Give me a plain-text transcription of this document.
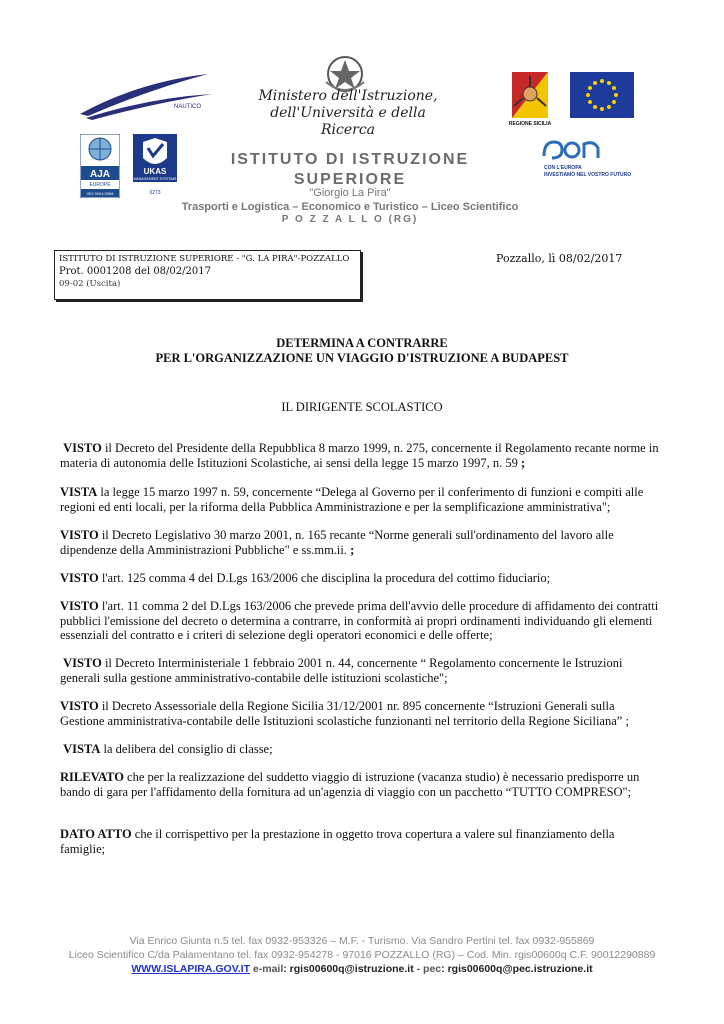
NAUTICO
Ministero dell'Istruzione,
dell'Università e della Ricerca
AJA
EUROPE
ISO 9001:2008
UKAS
MANAGEMENT SYSTEMS
0273
REGIONE SICILIA
CON L'EUROPA
INVESTIAMO NEL VOSTRO FUTURO
ISTITUTO DI ISTRUZIONE
SUPERIORE
"Giorgio La Pira"
Trasporti e Logistica – Economico e Turistico – Liceo Scientifico
P O Z Z A L L O (RG)
ISTITUTO DI ISTRUZIONE SUPERIORE - "G. LA PIRA"-POZZALLO
Prot. 0001208 del 08/02/2017
09-02 (Uscita)
Pozzallo, lì 08/02/2017
DETERMINA A CONTRARRE
PER L'ORGANIZZAZIONE UN VIAGGIO D'ISTRUZIONE A BUDAPEST
IL DIRIGENTE SCOLASTICO
VISTO il Decreto del Presidente della Repubblica 8 marzo 1999, n. 275, concernente il Regolamento recante norme in materia di autonomia delle Istituzioni Scolastiche, ai sensi della legge 15 marzo 1997, n. 59 ;
VISTA la legge 15 marzo 1997 n. 59, concernente “Delega al Governo per il conferimento di funzioni e compiti alle regioni ed enti locali, per la riforma della Pubblica Amministrazione e per la semplificazione amministrativa";
VISTO il Decreto Legislativo 30 marzo 2001, n. 165 recante “Norme generali sull'ordinamento del lavoro alle dipendenze della Amministrazioni Pubbliche" e ss.mm.ii. ;
VISTO l'art. 125 comma 4 del D.Lgs 163/2006 che disciplina la procedura del cottimo fiduciario;
VISTO l'art. 11 comma 2 del D.Lgs 163/2006 che prevede prima dell'avvio delle procedure di affidamento dei contratti pubblici l'emissione del decreto o determina a contrarre, in conformità ai propri ordinamenti individuando gli elementi essenziali del contratto e i criteri di selezione degli operatori economici e delle offerte;
VISTO il Decreto Interministeriale 1 febbraio 2001 n. 44, concernente “ Regolamento concernente le Istruzioni generali sulla gestione amministrativo-contabile delle istituzioni scolastiche";
VISTO il Decreto Assessoriale della Regione Sicilia 31/12/2001 nr. 895 concernente “Istruzioni Generali sulla Gestione amministrativa-contabile delle Istituzioni scolastiche funzionanti nel territorio della Regione Siciliana” ;
VISTA la delibera del consiglio di classe;
RILEVATO che per la realizzazione del suddetto viaggio di istruzione (vacanza studio) è necessario predisporre un bando di gara per l'affidamento della fornitura ad un'agenzia di viaggio con un pacchetto “TUTTO COMPRESO";
DATO ATTO che il corrispettivo per la prestazione in oggetto trova copertura a valere sul finanziamento della famiglie;
Via Enrico Giunta n.5 tel. fax 0932-953326 – M.F. - Turismo. Via Sandro Pertini tel. fax 0932-955869
Liceo Scientifico C/da Palamentano tel. fax 0932-954278 - 97016 POZZALLO (RG) – Cod. Min. rgis00600q C.F. 90012290889
WWW.ISLAPIRA.GOV.IT e-mail: rgis00600q@istruzione.it - pec: rgis00600q@pec.istruzione.it
